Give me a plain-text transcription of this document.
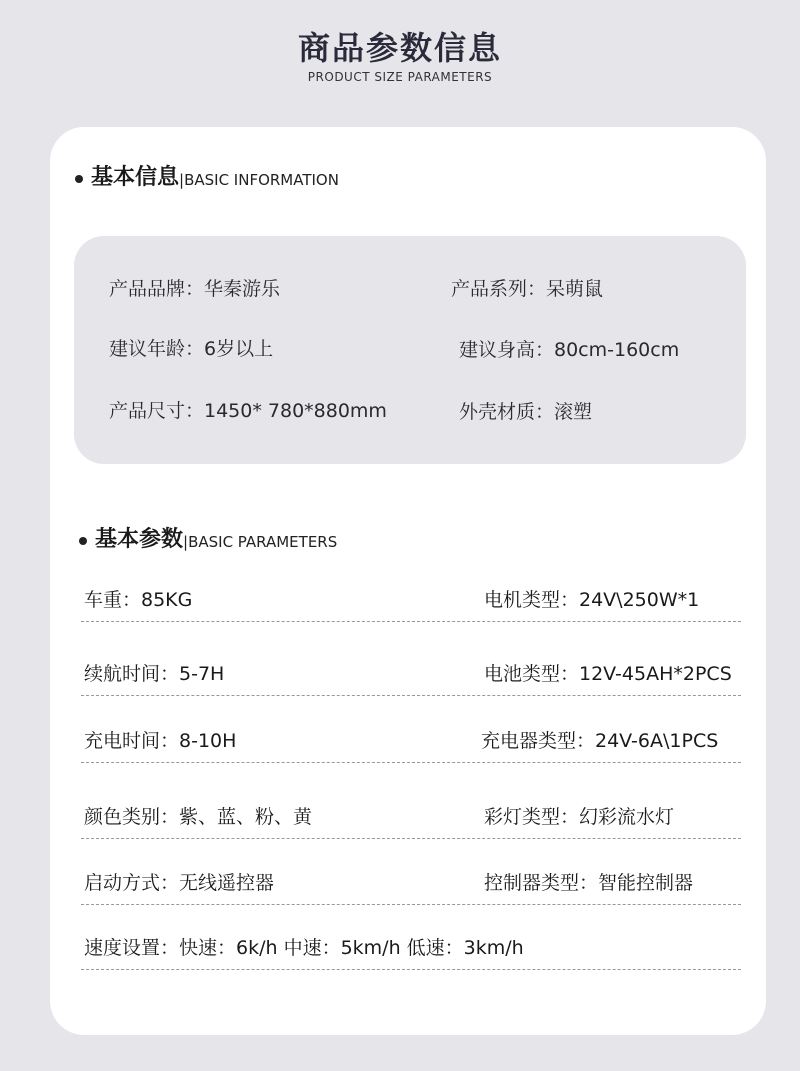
商品参数信息
PRODUCT SIZE PARAMETERS
基本信息 |BASIC INFORMATION
产品品牌：华秦游乐	产品系列：呆萌鼠
建议年龄：6岁以上	建议身高：80cm-160cm
产品尺寸：1450* 780*880mm	外壳材质：滚塑
基本参数 |BASIC PARAMETERS
车重：85KG	电机类型：24V\250W*1
续航时间：5-7H	电池类型：12V-45AH*2PCS
充电时间：8-10H	充电器类型：24V-6A\1PCS
颜色类别：紫、蓝、粉、黄	彩灯类型：幻彩流水灯
启动方式：无线遥控器	控制器类型：智能控制器
速度设置：快速：6k/h 中速：5km/h 低速：3km/h
